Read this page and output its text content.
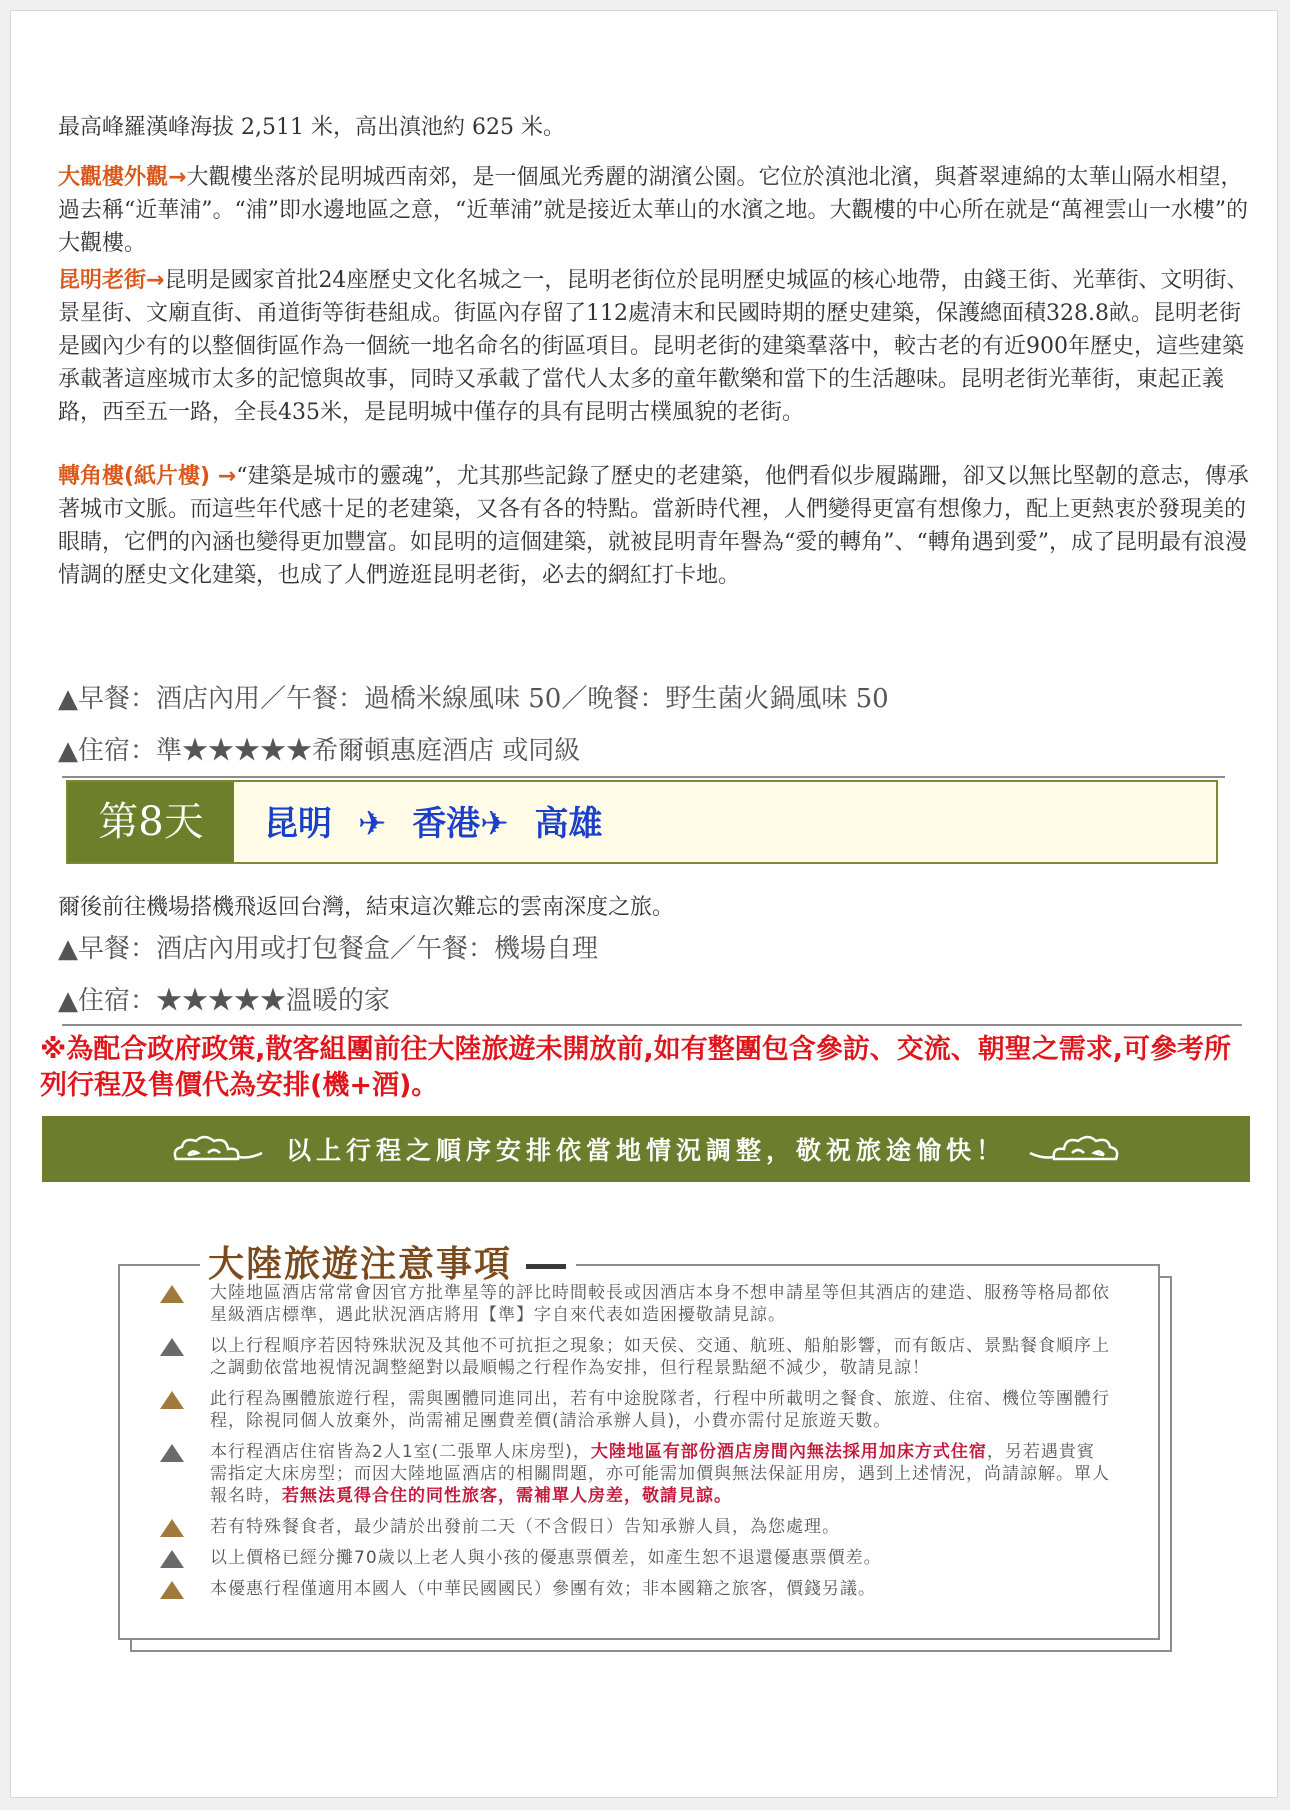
最高峰羅漢峰海拔 2,511 米，高出滇池約 625 米。
大觀樓外觀→大觀樓坐落於昆明城西南郊，是一個風光秀麗的湖濱公園。它位於滇池北濱，與蒼翠連綿的太華山隔水相望，過去稱“近華浦”。“浦”即水邊地區之意，“近華浦”就是接近太華山的水濱之地。大觀樓的中心所在就是“萬裡雲山一水樓”的大觀樓。
昆明老街→昆明是國家首批24座歷史文化名城之一，昆明老街位於昆明歷史城區的核心地帶，由錢王街、光華街、文明街、景星街、文廟直街、甬道街等街巷組成。街區內存留了112處清末和民國時期的歷史建築，保護總面積328.8畝。昆明老街是國內少有的以整個街區作為一個統一地名命名的街區項目。昆明老街的建築羣落中，較古老的有近900年歷史，這些建築承載著這座城市太多的記憶與故事，同時又承載了當代人太多的童年歡樂和當下的生活趣味。昆明老街光華街，東起正義路，西至五一路，全長435米，是昆明城中僅存的具有昆明古樸風貌的老街。
轉角樓(紙片樓) →“建築是城市的靈魂”，尤其那些記錄了歷史的老建築，他們看似步履蹣跚，卻又以無比堅韌的意志，傳承著城市文脈。而這些年代感十足的老建築，又各有各的特點。當新時代裡，人們變得更富有想像力，配上更熱衷於發現美的眼睛，它們的內涵也變得更加豐富。如昆明的這個建築，就被昆明青年譽為“愛的轉角”、“轉角遇到愛”，成了昆明最有浪漫情調的歷史文化建築，也成了人們遊逛昆明老街，必去的網紅打卡地。
▲早餐：酒店內用／午餐：過橋米線風味 50／晚餐：野生菌火鍋風味 50
▲住宿：準★★★★★希爾頓惠庭酒店 或同級
第8天	昆明 ✈ 香港✈ 高雄
爾後前往機場搭機飛返回台灣，結束這次難忘的雲南深度之旅。
▲早餐：酒店內用或打包餐盒／午餐：機場自理
▲住宿：★★★★★溫暖的家
※為配合政府政策,散客組團前往大陸旅遊未開放前,如有整團包含參訪、交流、朝聖之需求,可參考所列行程及售價代為安排(機+酒)。
以上行程之順序安排依當地情況調整，敬祝旅途愉快！
大陸旅遊注意事項
大陸地區酒店常常會因官方批準星等的評比時間較長或因酒店本身不想申請星等但其酒店的建造、服務等格局都依星級酒店標準，遇此狀況酒店將用【準】字自來代表如造困擾敬請見諒。
以上行程順序若因特殊狀況及其他不可抗拒之現象；如天侯、交通、航班、船舶影響，而有飯店、景點餐食順序上之調動依當地視情況調整絕對以最順暢之行程作為安排，但行程景點絕不減少，敬請見諒！
此行程為團體旅遊行程，需與團體同進同出，若有中途脫隊者，行程中所載明之餐食、旅遊、住宿、機位等團體行程，除視同個人放棄外，尚需補足團費差價(請洽承辦人員)，小費亦需付足旅遊天數。
本行程酒店住宿皆為2人1室(二張單人床房型)，大陸地區有部份酒店房間內無法採用加床方式住宿，另若遇貴賓需指定大床房型；而因大陸地區酒店的相關問題，亦可能需加價與無法保証用房，遇到上述情況，尚請諒解。單人報名時，若無法覓得合住的同性旅客，需補單人房差，敬請見諒。
若有特殊餐食者，最少請於出發前二天（不含假日）告知承辦人員，為您處理。
以上價格已經分攤70歲以上老人與小孩的優惠票價差，如產生恕不退還優惠票價差。
本優惠行程僅適用本國人（中華民國國民）參團有效；非本國籍之旅客，價錢另議。
